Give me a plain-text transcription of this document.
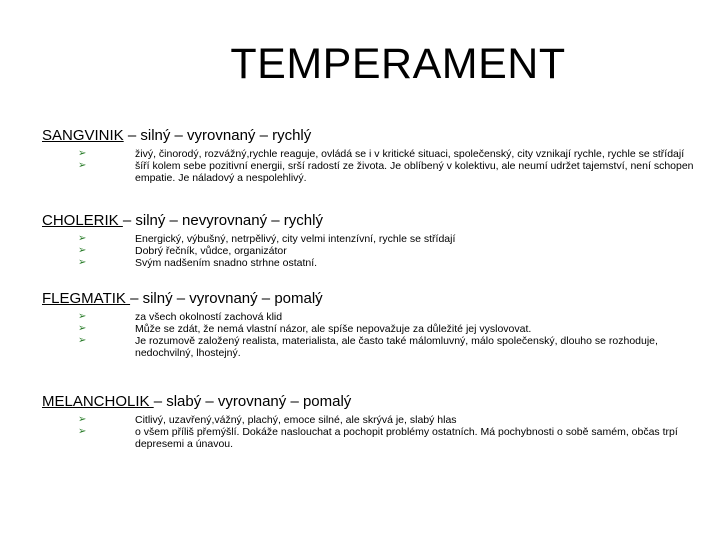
TEMPERAMENT
SANGVINIK – silný – vyrovnaný – rychlý
➢	živý, činorodý, rozvážný,rychle reaguje, ovládá se i v kritické situaci, společenský, city vznikají rychle, rychle se střídají
➢	šíří kolem sebe pozitivní energii, srší radostí ze života. Je oblíbený v kolektivu, ale neumí udržet tajemství, není schopen empatie. Je náladový a nespolehlivý.
CHOLERIK – silný – nevyrovnaný – rychlý
➢	Energický, výbušný, netrpělivý, city velmi intenzívní, rychle se střídají
➢	Dobrý řečník, vůdce, organizátor
➢	Svým nadšením snadno strhne ostatní.
FLEGMATIK – silný – vyrovnaný – pomalý
➢	za všech okolností zachová klid
➢	Může se zdát, že nemá vlastní názor, ale spíše nepovažuje za důležité jej vyslovovat.
➢	Je rozumově založený realista, materialista, ale často také málomluvný, málo společenský, dlouho se rozhoduje, nedochvilný, lhostejný.
MELANCHOLIK – slabý – vyrovnaný – pomalý
➢	Citlivý, uzavřený,vážný, plachý, emoce silné, ale skrývá je, slabý hlas
➢	o všem příliš přemýšlí. Dokáže naslouchat a pochopit problémy ostatních. Má pochybnosti o sobě samém, občas trpí depresemi a únavou.
